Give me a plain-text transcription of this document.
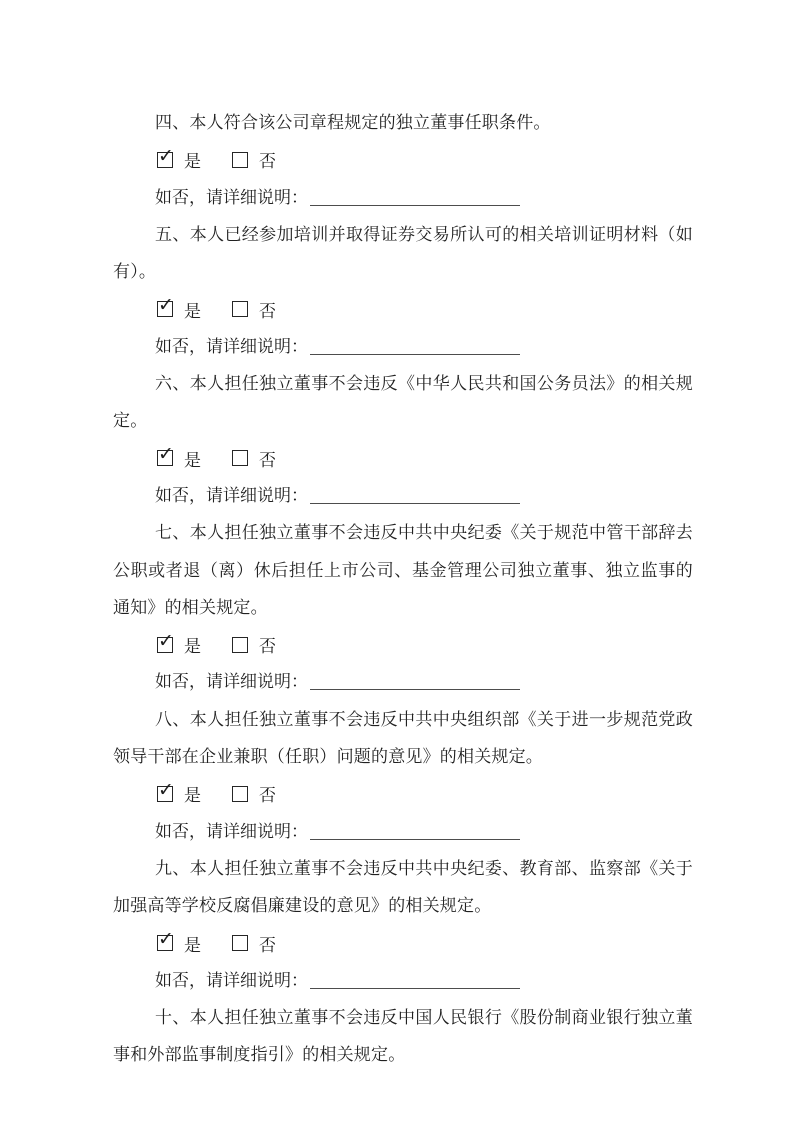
四、本人符合该公司章程规定的独立董事任职条件。

✓ 是	否
如否，请详细说明：

五、本人已经参加培训并取得证券交易所认可的相关培训证明材料（如有）。

✓ 是	否
如否，请详细说明：

六、本人担任独立董事不会违反《中华人民共和国公务员法》的相关规定。

✓ 是	否
如否，请详细说明：

七、本人担任独立董事不会违反中共中央纪委《关于规范中管干部辞去公职或者退（离）休后担任上市公司、基金管理公司独立董事、独立监事的通知》的相关规定。

✓ 是	否
如否，请详细说明：

八、本人担任独立董事不会违反中共中央组织部《关于进一步规范党政领导干部在企业兼职（任职）问题的意见》的相关规定。

✓ 是	否
如否，请详细说明：

九、本人担任独立董事不会违反中共中央纪委、教育部、监察部《关于加强高等学校反腐倡廉建设的意见》的相关规定。

✓ 是	否
如否，请详细说明：

十、本人担任独立董事不会违反中国人民银行《股份制商业银行独立董事和外部监事制度指引》的相关规定。
